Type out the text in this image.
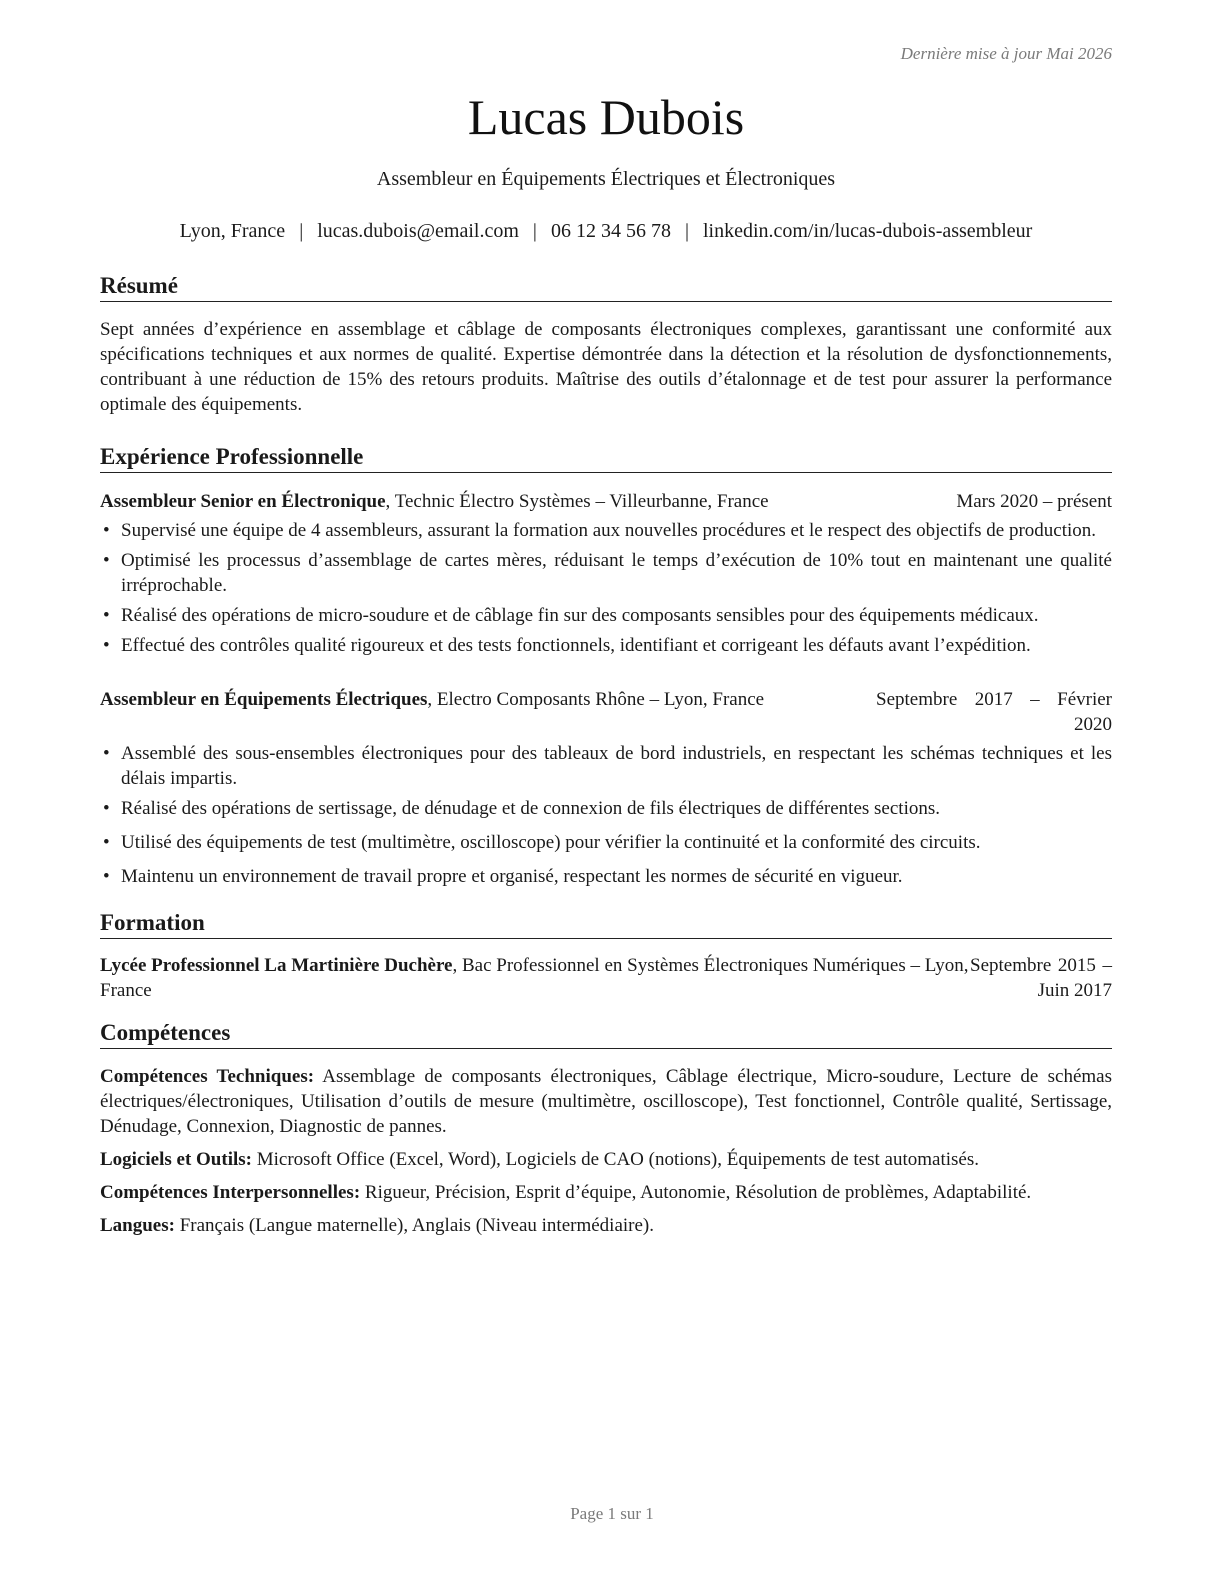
Dernière mise à jour Mai 2026
Lucas Dubois
Assembleur en Équipements Électriques et Électroniques
Lyon, France | lucas.dubois@email.com | 06 12 34 56 78 | linkedin.com/in/lucas-dubois-assembleur
Résumé
Sept années d’expérience en assemblage et câblage de composants électroniques complexes, garantissant une conformité aux spécifications techniques et aux normes de qualité. Expertise démontrée dans la détection et la résolution de dysfonctionnements, contribuant à une réduction de 15% des retours produits. Maîtrise des outils d’étalonnage et de test pour assurer la performance optimale des équipements.
Expérience Professionnelle
Assembleur Senior en Électronique, Technic Électro Systèmes – Villeurbanne, France	Mars 2020 – présent
• Supervisé une équipe de 4 assembleurs, assurant la formation aux nouvelles procédures et le respect des objectifs de production.
• Optimisé les processus d’assemblage de cartes mères, réduisant le temps d’exécution de 10% tout en maintenant une qualité irréprochable.
• Réalisé des opérations de micro-soudure et de câblage fin sur des composants sensibles pour des équipements médicaux.
• Effectué des contrôles qualité rigoureux et des tests fonctionnels, identifiant et corrigeant les défauts avant l’expédition.
Assembleur en Équipements Électriques, Electro Composants Rhône – Lyon, France	Septembre 2017 – Février 2020
• Assemblé des sous-ensembles électroniques pour des tableaux de bord industriels, en respectant les schémas techniques et les délais impartis.
• Réalisé des opérations de sertissage, de dénudage et de connexion de fils électriques de différentes sections.
• Utilisé des équipements de test (multimètre, oscilloscope) pour vérifier la continuité et la conformité des circuits.
• Maintenu un environnement de travail propre et organisé, respectant les normes de sécurité en vigueur.
Formation
Lycée Professionnel La Martinière Duchère, Bac Professionnel en Systèmes Électroniques Numériques – Lyon, France
Septembre 2015 – Juin 2017
Compétences
Compétences Techniques: Assemblage de composants électroniques, Câblage électrique, Micro-soudure, Lecture de schémas électriques/électroniques, Utilisation d’outils de mesure (multimètre, oscilloscope), Test fonctionnel, Contrôle qualité, Sertissage, Dénudage, Connexion, Diagnostic de pannes.
Logiciels et Outils: Microsoft Office (Excel, Word), Logiciels de CAO (notions), Équipements de test automatisés.
Compétences Interpersonnelles: Rigueur, Précision, Esprit d’équipe, Autonomie, Résolution de problèmes, Adaptabilité.
Langues: Français (Langue maternelle), Anglais (Niveau intermédiaire).
Page 1 sur 1
